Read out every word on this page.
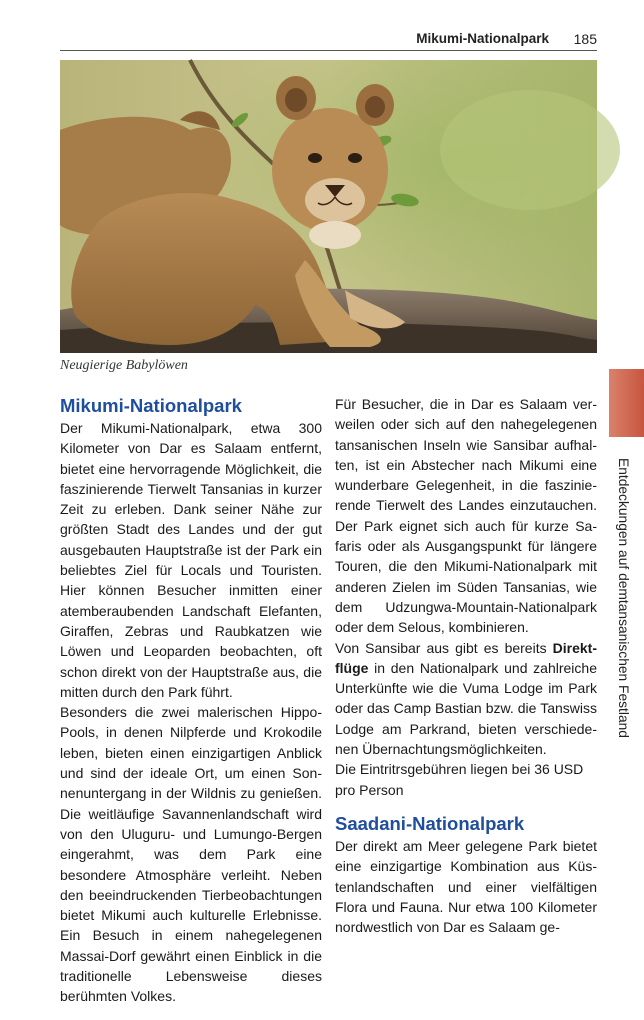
Mikumi-Nationalpark 185
Neugierige Babylöwen
Entdeckungen auf demtansanischen Festland
Mikumi-Nationalpark

Der Mikumi-Nationalpark, etwa 300 Kilometer von Dar es Salaam entfernt, bietet eine hervorragende Möglichkeit, die faszinierende Tierwelt Tansanias in kurzer Zeit zu erleben. Dank seiner Nähe zur größten Stadt des Landes und der gut ausgebauten Hauptstraße ist der Park ein beliebtes Ziel für Locals und Touristen. Hier können Besucher inmitten einer atemberaubenden Landschaft Elefanten, Giraffen, Zebras und Raubkatzen wie Löwen und Leoparden beobachten, oft schon direkt von der Hauptstraße aus, die mitten durch den Park führt.

Besonders die zwei malerischen Hippo-Pools, in denen Nilpferde und Krokodile leben, bieten einen einzigartigen Anblick und sind der ideale Ort, um einen Sonnenuntergang in der Wildnis zu genießen. Die weitläufige Savannenlandschaft wird von den Uluguru- und Lumungo-Bergen eingerahmt, was dem Park eine besondere Atmosphäre verleiht. Neben den beeindruckenden Tierbeobachtungen bietet Mikumi auch kulturelle Erlebnisse. Ein Besuch in einem nahegelegenen Massai-Dorf gewährt einen Einblick in die traditionelle Lebensweise dieses berühmten Volkes.

Für Besucher, die in Dar es Salaam verweilen oder sich auf den nahegelegenen tansanischen Inseln wie Sansibar aufhalten, ist ein Abstecher nach Mikumi eine wunderbare Gelegenheit, in die faszinierende Tierwelt des Landes einzutauchen. Der Park eignet sich auch für kurze Safaris oder als Ausgangspunkt für längere Touren, die den Mikumi-Nationalpark mit anderen Zielen im Süden Tansanias, wie dem Udzungwa-Mountain-Nationalpark oder dem Selous, kombinieren.

Von Sansibar aus gibt es bereits Direktflüge in den Nationalpark und zahlreiche Unterkünfte wie die Vuma Lodge im Park oder das Camp Bastian bzw. die Tanswiss Lodge am Parkrand, bieten verschiedenen Übernachtungsmöglichkeiten.

Die Eintritrsgebühren liegen bei 36 USD pro Person

Saadani-Nationalpark

Der direkt am Meer gelegene Park bietet eine einzigartige Kombination aus Küstenlandschaften und einer vielfältigen Flora und Fauna. Nur etwa 100 Kilometer nordwestlich von Dar es Salaam ge-
